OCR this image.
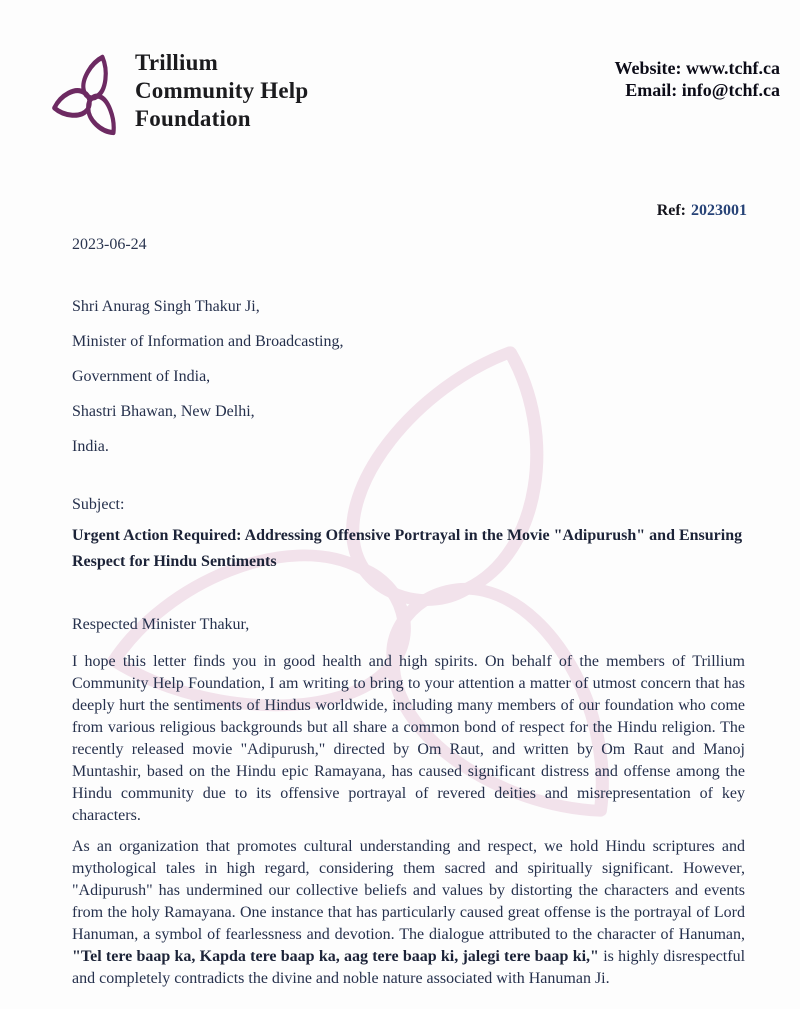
Trillium
Community Help
Foundation
Website: www.tchf.ca
Email: info@tchf.ca
Ref: 2023001
2023-06-24
Shri Anurag Singh Thakur Ji,
Minister of Information and Broadcasting,
Government of India,
Shastri Bhawan, New Delhi,
India.
Subject:
Urgent Action Required: Addressing Offensive Portrayal in the Movie "Adipurush" and Ensuring Respect for Hindu Sentiments
Respected Minister Thakur,

I hope this letter finds you in good health and high spirits. On behalf of the members of Trillium Community Help Foundation, I am writing to bring to your attention a matter of utmost concern that has deeply hurt the sentiments of Hindus worldwide, including many members of our foundation who come from various religious backgrounds but all share a common bond of respect for the Hindu religion. The recently released movie "Adipurush," directed by Om Raut, and written by Om Raut and Manoj Muntashir, based on the Hindu epic Ramayana, has caused significant distress and offense among the Hindu community due to its offensive portrayal of revered deities and misrepresentation of key characters.

As an organization that promotes cultural understanding and respect, we hold Hindu scriptures and mythological tales in high regard, considering them sacred and spiritually significant. However, "Adipurush" has undermined our collective beliefs and values by distorting the characters and events from the holy Ramayana. One instance that has particularly caused great offense is the portrayal of Lord Hanuman, a symbol of fearlessness and devotion. The dialogue attributed to the character of Hanuman, "Tel tere baap ka, Kapda tere baap ka, aag tere baap ki, jalegi tere baap ki," is highly disrespectful and completely contradicts the divine and noble nature associated with Hanuman Ji.
